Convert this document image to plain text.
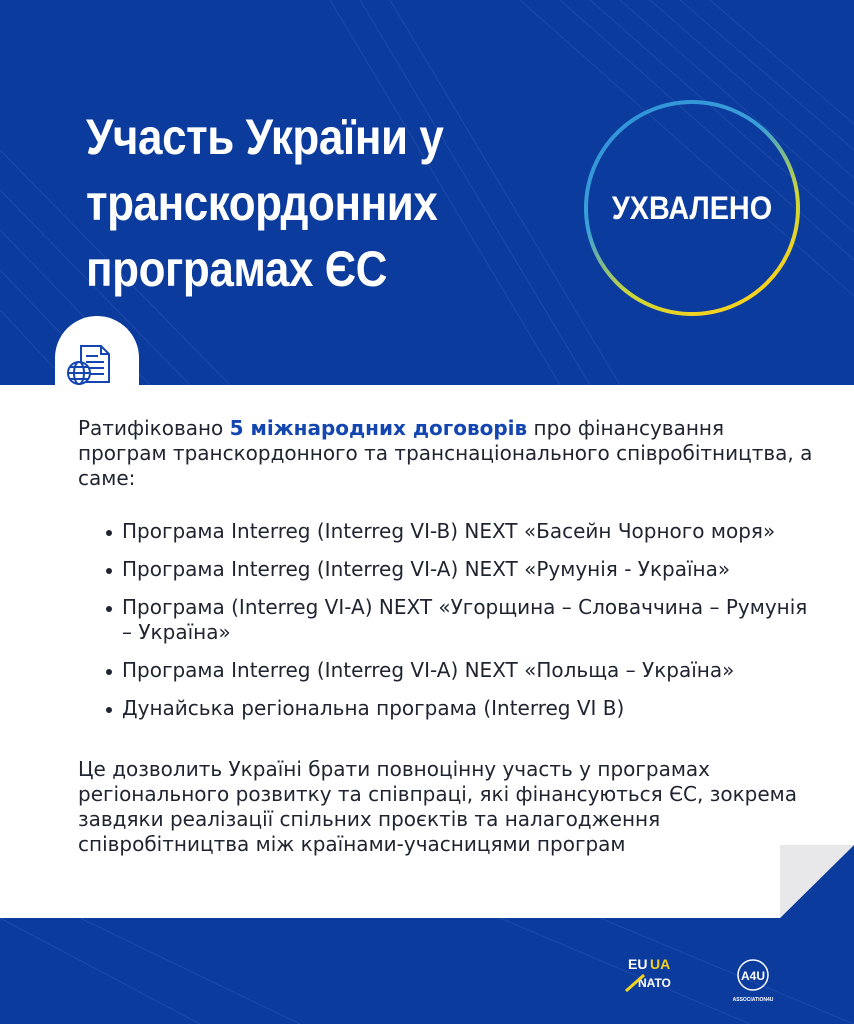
Участь України у транскордонних програмах ЄС
УХВАЛЕНО

Ратифіковано 5 міжнародних договорів про фінансування програм транскордонного та транснаціонального співробітництва, а саме:

Програма Interreg (Interreg VI-B) NEXT «Басейн Чорного моря»
Програма Interreg (Interreg VI-A) NEXT «Румунія - Україна»
Програма (Interreg VI-A) NEXT «Угорщина – Словаччина – Румунія – Україна»
Програма Interreg (Interreg VI-A) NEXT «Польща – Україна»
Дунайська регіональна програма (Interreg VI B)

Це дозволить Україні брати повноцінну участь у програмах регіонального розвитку та співпраці, які фінансуються ЄС, зокрема завдяки реалізації спільних проєктів та налагодження співробітництва між країнами-учасницями програм

EU UA
NATO	A4U
ASSOCIATION4U
